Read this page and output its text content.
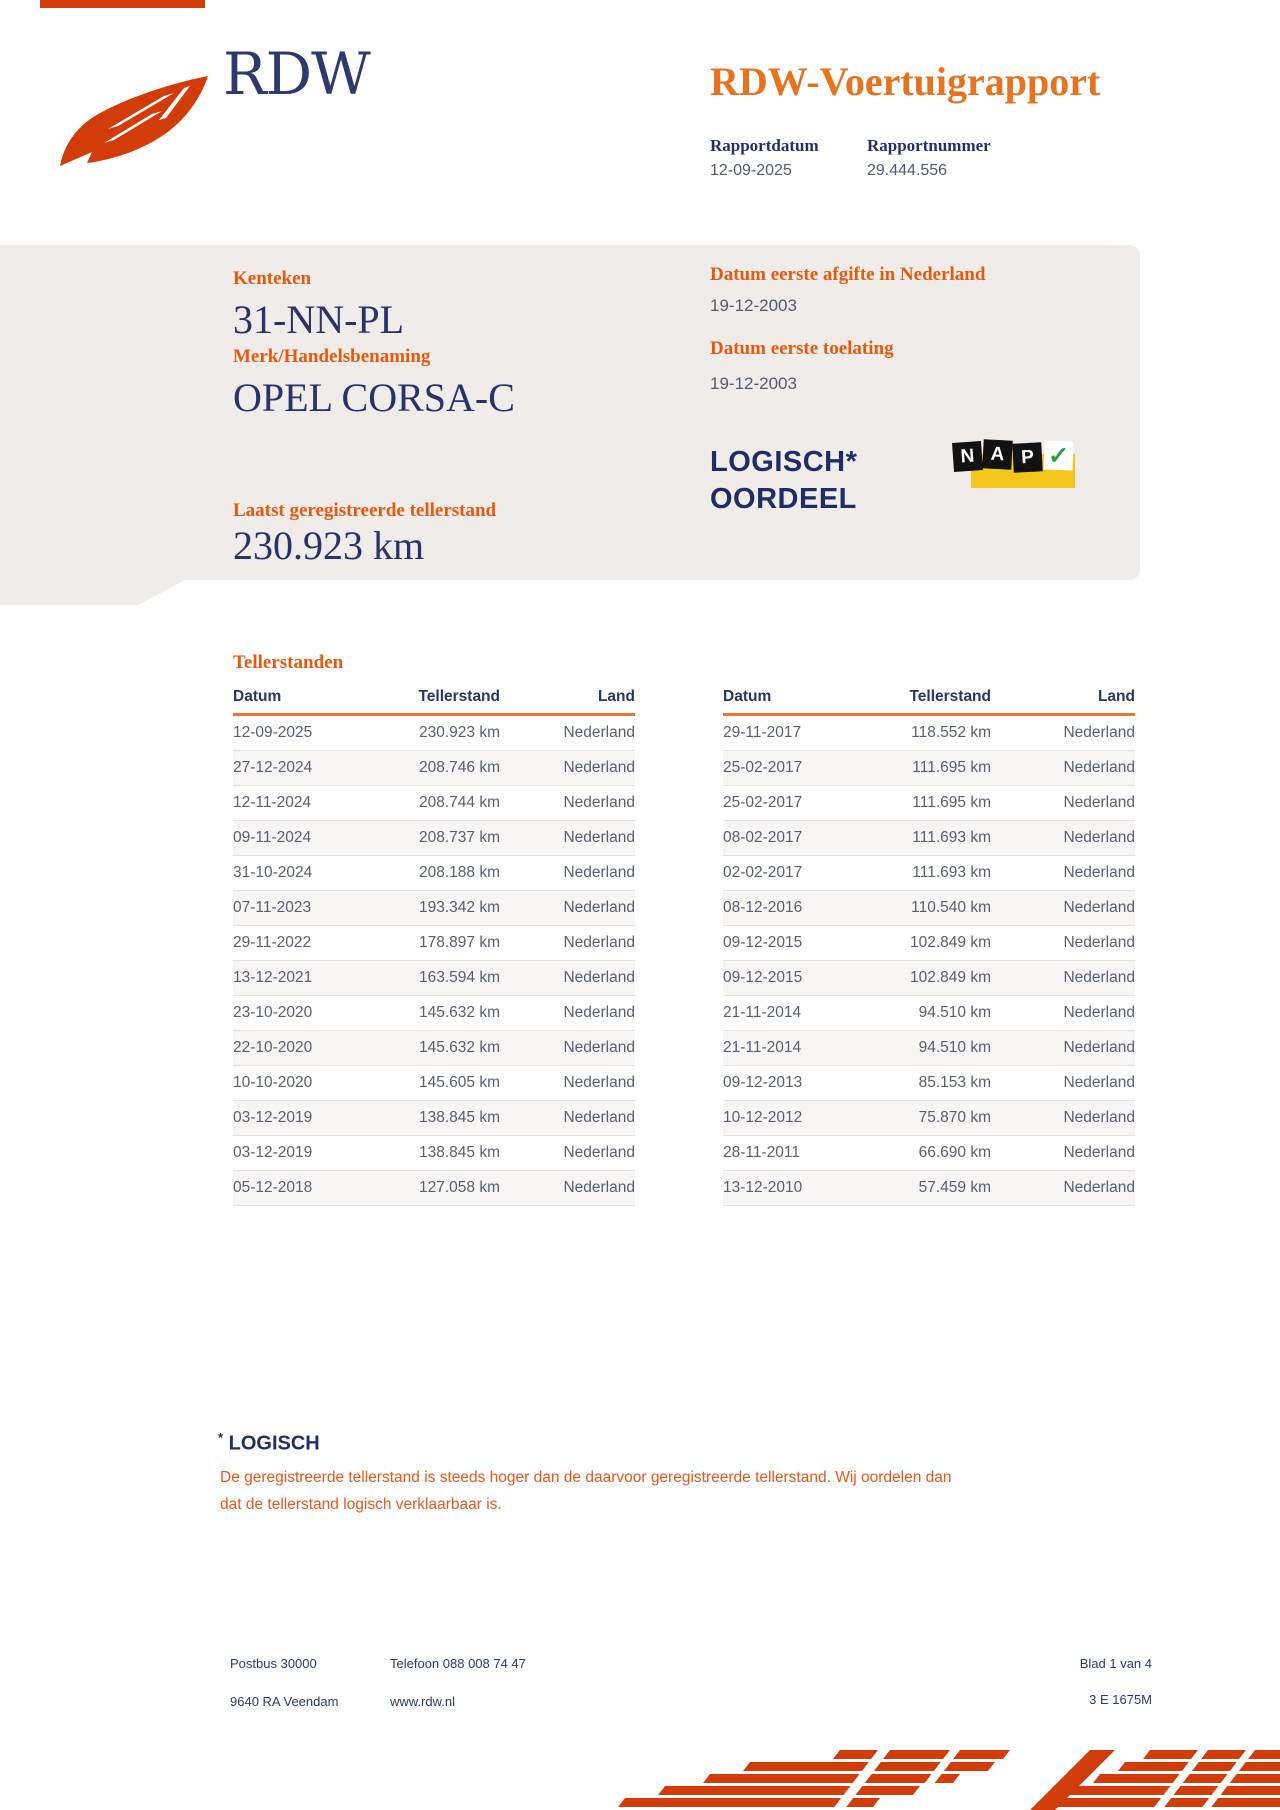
RDW	RDW-Voertuigrapport
Rapportdatum	Rapportnummer
12-09-2025	29.444.556
Kenteken
31-NN-PL
Merk/Handelsbenaming
OPEL CORSA-C
Laatst geregistreerde tellerstand
230.923 km
Datum eerste afgifte in Nederland
19-12-2003
Datum eerste toelating
19-12-2003
LOGISCH*
OORDEEL
N A P ✓
Tellerstanden
Datum	Tellerstand	Land
12-09-2025	230.923 km	Nederland
27-12-2024	208.746 km	Nederland
12-11-2024	208.744 km	Nederland
09-11-2024	208.737 km	Nederland
31-10-2024	208.188 km	Nederland
07-11-2023	193.342 km	Nederland
29-11-2022	178.897 km	Nederland
13-12-2021	163.594 km	Nederland
23-10-2020	145.632 km	Nederland
22-10-2020	145.632 km	Nederland
10-10-2020	145.605 km	Nederland
03-12-2019	138.845 km	Nederland
03-12-2019	138.845 km	Nederland
05-12-2018	127.058 km	Nederland
Datum	Tellerstand	Land
29-11-2017	118.552 km	Nederland
25-02-2017	111.695 km	Nederland
25-02-2017	111.695 km	Nederland
08-02-2017	111.693 km	Nederland
02-02-2017	111.693 km	Nederland
08-12-2016	110.540 km	Nederland
09-12-2015	102.849 km	Nederland
09-12-2015	102.849 km	Nederland
21-11-2014	94.510 km	Nederland
21-11-2014	94.510 km	Nederland
09-12-2013	85.153 km	Nederland
10-12-2012	75.870 km	Nederland
28-11-2011	66.690 km	Nederland
13-12-2010	57.459 km	Nederland
* LOGISCH
De geregistreerde tellerstand is steeds hoger dan de daarvoor geregistreerde tellerstand. Wij oordelen dan
dat de tellerstand logisch verklaarbaar is.
Postbus 30000
9640 RA Veendam
Telefoon 088 008 74 47
www.rdw.nl
Blad 1 van 4
3 E 1675M
